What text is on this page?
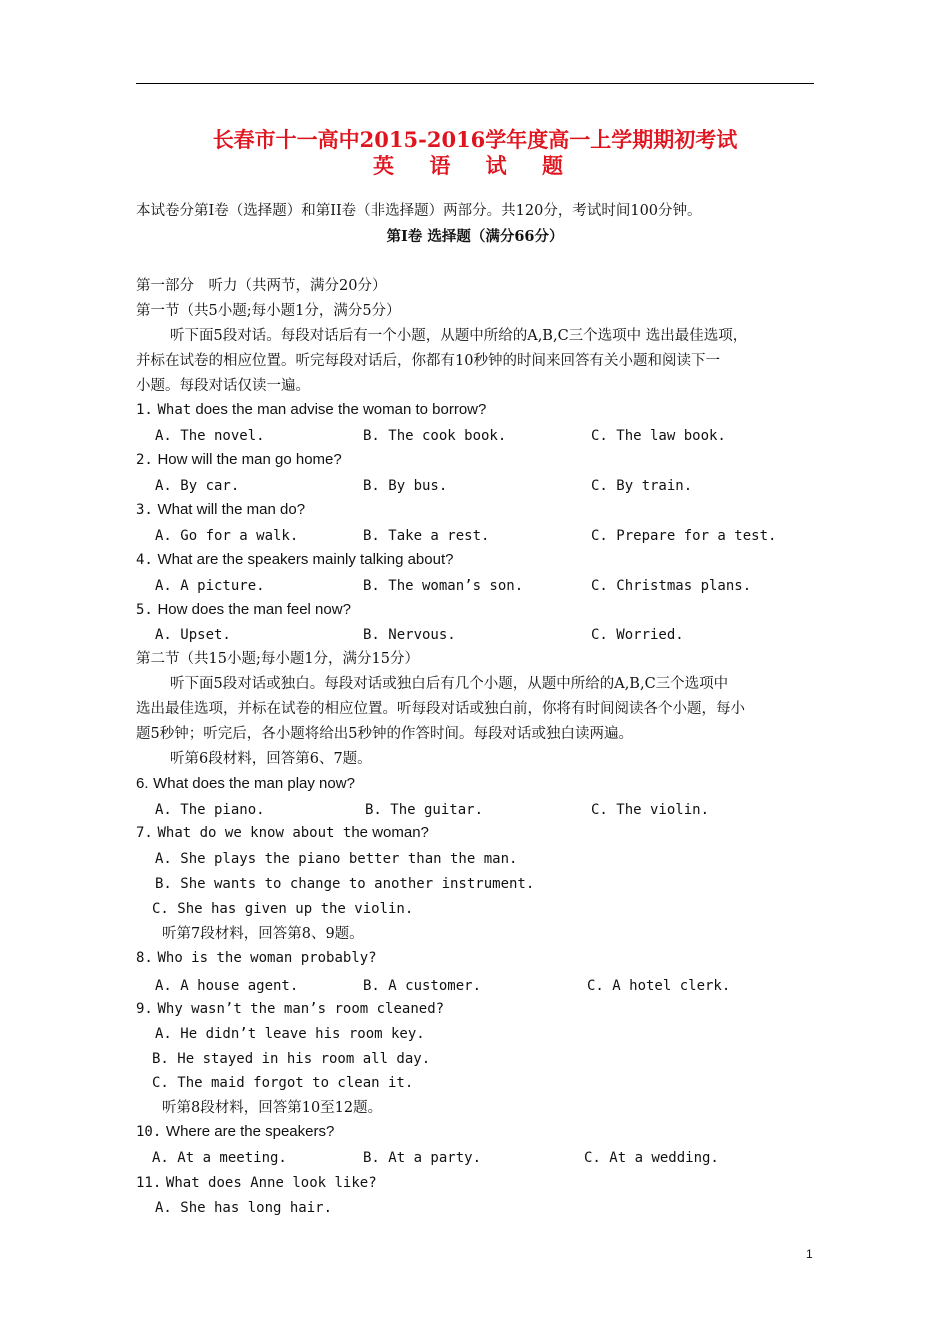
长春市十一高中2015-2016学年度高一上学期期初考试
英 语 试 题
本试卷分第I卷（选择题）和第II卷（非选择题）两部分。共120分，考试时间100分钟。
第I卷 选择题（满分66分）
第一部分　听力（共两节，满分20分）
第一节（共5小题;每小题1分，满分5分）
听下面5段对话。每段对话后有一个小题，从题中所给的A,B,C三个选项中 选出最佳选项，
并标在试卷的相应位置。听完每段对话后，你都有10秒钟的时间来回答有关小题和阅读下一
小题。每段对话仅读一遍。
1. What does the man advise the woman to borrow?
A. The novel.	B. The cook book.	C. The law book.
2. How will the man go home?
A. By car.	B. By bus.	C. By train.
3. What will the man do?
A. Go for a walk.	B. Take a rest.	C. Prepare for a test.
4. What are the speakers mainly talking about?
A. A picture.	B. The woman’s son.	C. Christmas plans.
5. How does the man feel now?
A. Upset.	B. Nervous.	C. Worried.
第二节（共15小题;每小题1分，满分15分）
听下面5段对话或独白。每段对话或独白后有几个小题，从题中所给的A,B,C三个选项中
选出最佳选项，并标在试卷的相应位置。听每段对话或独白前，你将有时间阅读各个小题，每小
题5秒钟；听完后，各小题将给出5秒钟的作答时间。每段对话或独白读两遍。
听第6段材料，回答第6、7题。
6. What does the man play now?
A. The piano.	B. The guitar.	C. The violin.
7. What do we know about the woman?
A. She plays the piano better than the man.
B. She wants to change to another instrument.
C. She has given up the violin.
听第7段材料，回答第8、9题。
8. Who is the woman probably?
A. A house agent.	B. A customer.	C. A hotel clerk.
9. Why wasn’t the man’s room cleaned?
A. He didn’t leave his room key.
B. He stayed in his room all day.
C. The maid forgot to clean it.
听第8段材料，回答第10至12题。
10. Where are the speakers?
A. At a meeting.	B. At a party.	C. At a wedding.
11. What does Anne look like?
A. She has long hair.
1
